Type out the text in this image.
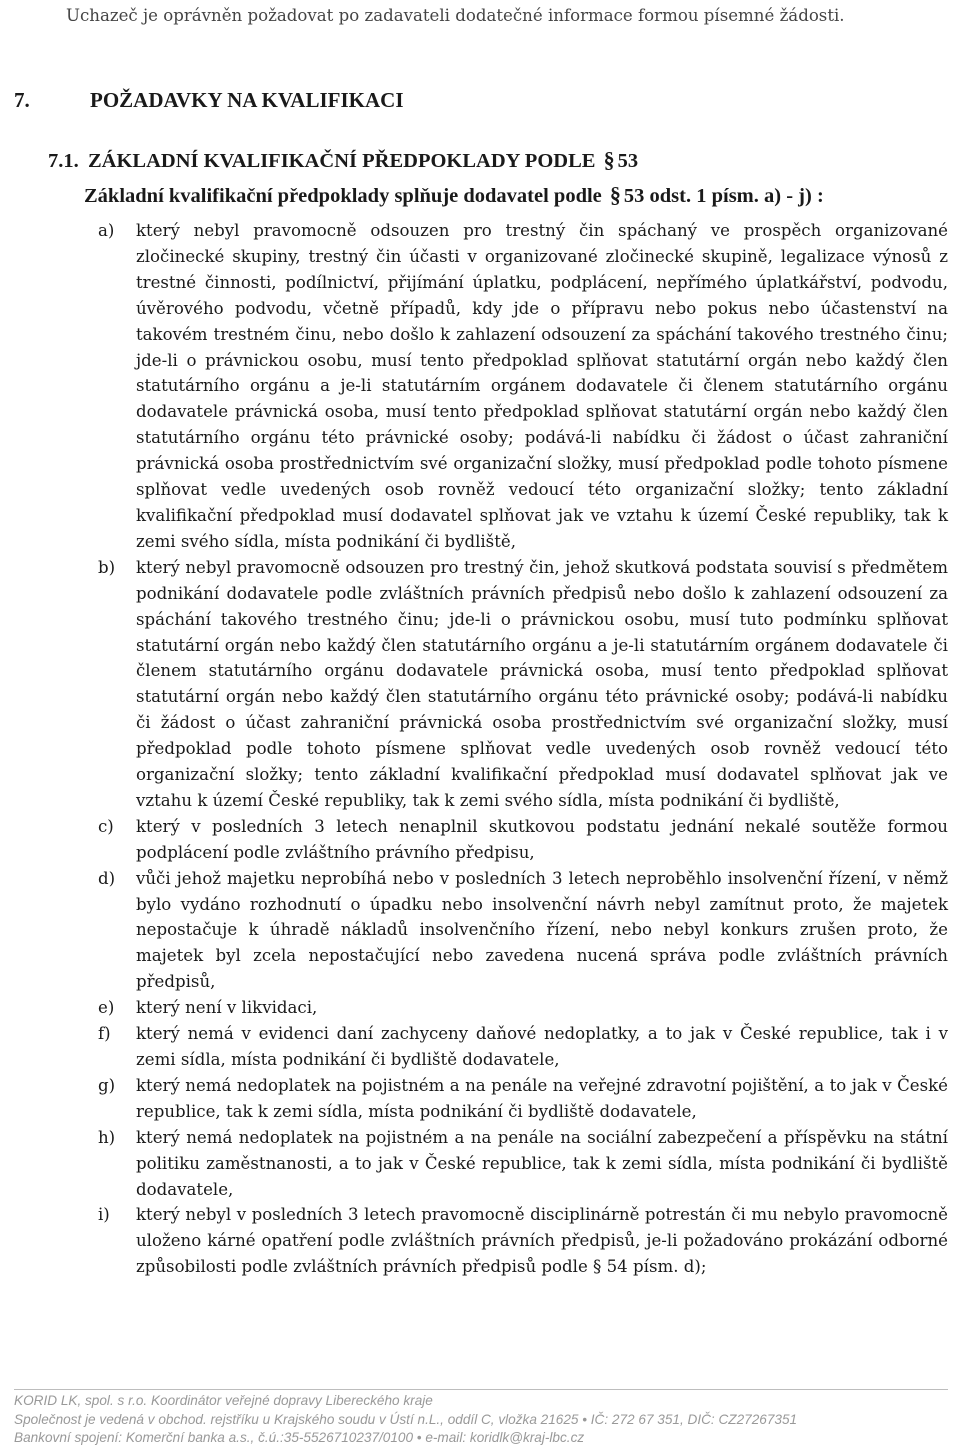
Uchazeč je oprávněn požadovat po zadavateli dodatečné informace formou písemné žádosti.
7.	POŽADAVKY NA KVALIFIKACI
7.1. ZÁKLADNÍ KVALIFIKAČNÍ PŘEDPOKLADY PODLE § 53
Základní kvalifikační předpoklady splňuje dodavatel podle § 53 odst. 1 písm. a) - j) :
a) který nebyl pravomocně odsouzen pro trestný čin spáchaný ve prospěch organizované zločinecké skupiny, trestný čin účasti v organizované zločinecké skupině, legalizace výnosů z trestné činnosti, podílnictví, přijímání úplatku, podplácení, nepřímého úplatkářství, podvodu, úvěrového podvodu, včetně případů, kdy jde o přípravu nebo pokus nebo účastenství na takovém trestném činu, nebo došlo k zahlazení odsouzení za spáchání takového trestného činu; jde-li o právnickou osobu, musí tento předpoklad splňovat statutární orgán nebo každý člen statutárního orgánu a je-li statutárním orgánem dodavatele či členem statutárního orgánu dodavatele právnická osoba, musí tento předpoklad splňovat statutární orgán nebo každý člen statutárního orgánu této právnické osoby; podává-li nabídku či žádost o účast zahraniční právnická osoba prostřednictvím své organizační složky, musí předpoklad podle tohoto písmene splňovat vedle uvedených osob rovněž vedoucí této organizační složky; tento základní kvalifikační předpoklad musí dodavatel splňovat jak ve vztahu k území České republiky, tak k zemi svého sídla, místa podnikání či bydliště,
b) který nebyl pravomocně odsouzen pro trestný čin, jehož skutková podstata souvisí s předmětem podnikání dodavatele podle zvláštních právních předpisů nebo došlo k zahlazení odsouzení za spáchání takového trestného činu; jde-li o právnickou osobu, musí tuto podmínku splňovat statutární orgán nebo každý člen statutárního orgánu a je-li statutárním orgánem dodavatele či členem statutárního orgánu dodavatele právnická osoba, musí tento předpoklad splňovat statutární orgán nebo každý člen statutárního orgánu této právnické osoby; podává-li nabídku či žádost o účast zahraniční právnická osoba prostřednictvím své organizační složky, musí předpoklad podle tohoto písmene splňovat vedle uvedených osob rovněž vedoucí této organizační složky; tento základní kvalifikační předpoklad musí dodavatel splňovat jak ve vztahu k území České republiky, tak k zemi svého sídla, místa podnikání či bydliště,
c) který v posledních 3 letech nenaplnil skutkovou podstatu jednání nekalé soutěže formou podplácení podle zvláštního právního předpisu,
d) vůči jehož majetku neprobíhá nebo v posledních 3 letech neproběhlo insolvenční řízení, v němž bylo vydáno rozhodnutí o úpadku nebo insolvenční návrh nebyl zamítnut proto, že majetek nepostačuje k úhradě nákladů insolvenčního řízení, nebo nebyl konkurs zrušen proto, že majetek byl zcela nepostačující nebo zavedena nucená správa podle zvláštních právních předpisů,
e) který není v likvidaci,
f) který nemá v evidenci daní zachyceny daňové nedoplatky, a to jak v České republice, tak i v zemi sídla, místa podnikání či bydliště dodavatele,
g) který nemá nedoplatek na pojistném a na penále na veřejné zdravotní pojištění, a to jak v České republice, tak k zemi sídla, místa podnikání či bydliště dodavatele,
h) který nemá nedoplatek na pojistném a na penále na sociální zabezpečení a příspěvku na státní politiku zaměstnanosti, a to jak v České republice, tak k zemi sídla, místa podnikání či bydliště dodavatele,
i) který nebyl v posledních 3 letech pravomocně disciplinárně potrestán či mu nebylo pravomocně uloženo kárné opatření podle zvláštních právních předpisů, je-li požadováno prokázání odborné způsobilosti podle zvláštních právních předpisů podle § 54 písm. d);
KORID LK, spol. s r.o. Koordinátor veřejné dopravy Libereckého kraje
Společnost je vedená v obchod. rejstříku u Krajského soudu v Ústí n.L., oddíl C, vložka 21625 • IČ: 272 67 351, DIČ: CZ27267351
Bankovní spojení: Komerční banka a.s., č.ú.:35-5526710237/0100 • e-mail: koridlk@kraj-lbc.cz
